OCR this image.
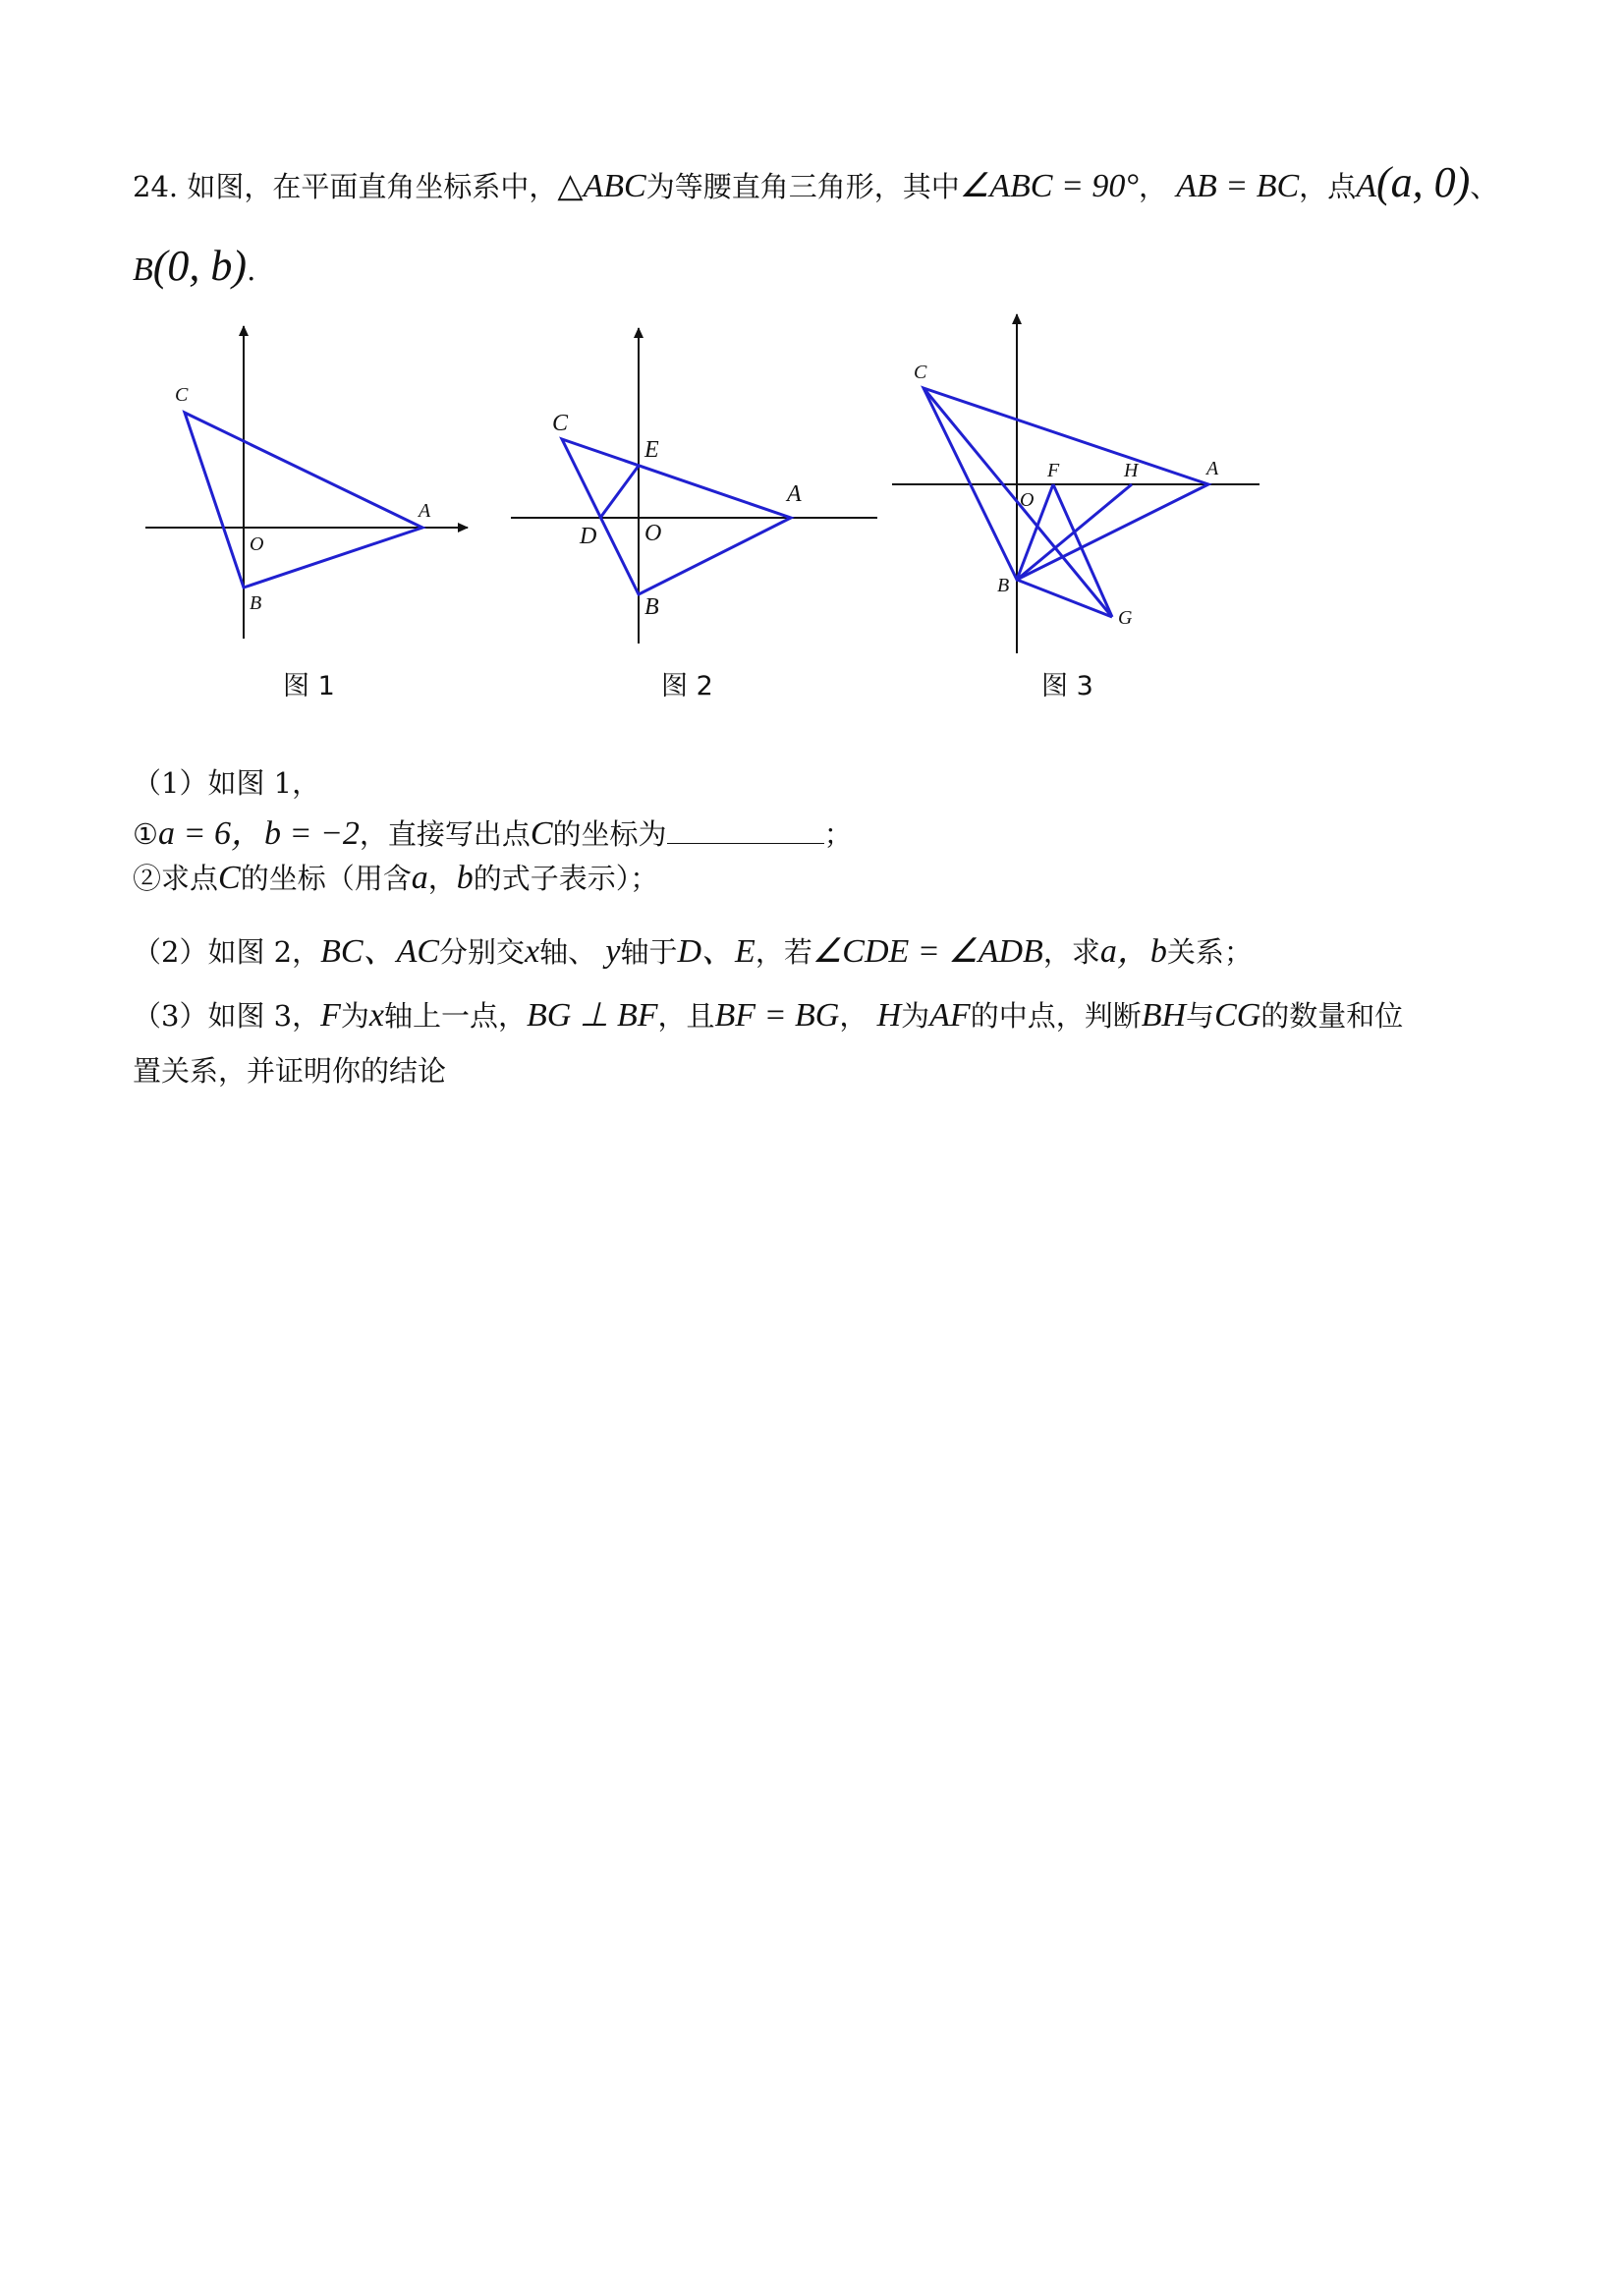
24. 如图，在平面直角坐标系中，△ABC为等腰直角三角形，其中∠ABC = 90°， AB = BC，点A(a, 0)、
B(0, b).
C
A
O
B
图 1
C
E
A
D O
B
图 2
C
F	H	A
O
B
G
图 3
（1）如图 1，
①a = 6，b = −2，直接写出点C的坐标为	；
②求点C的坐标（用含a，b的式子表示）；
（2）如图 2，BC、AC分别交x轴、 y轴于D、E，若∠CDE = ∠ADB，求a，b关系；
（3）如图 3，F为x轴上一点，BG ⊥ BF，且BF = BG， H为AF的中点，判断BH与CG的数量和位
置关系，并证明你的结论
